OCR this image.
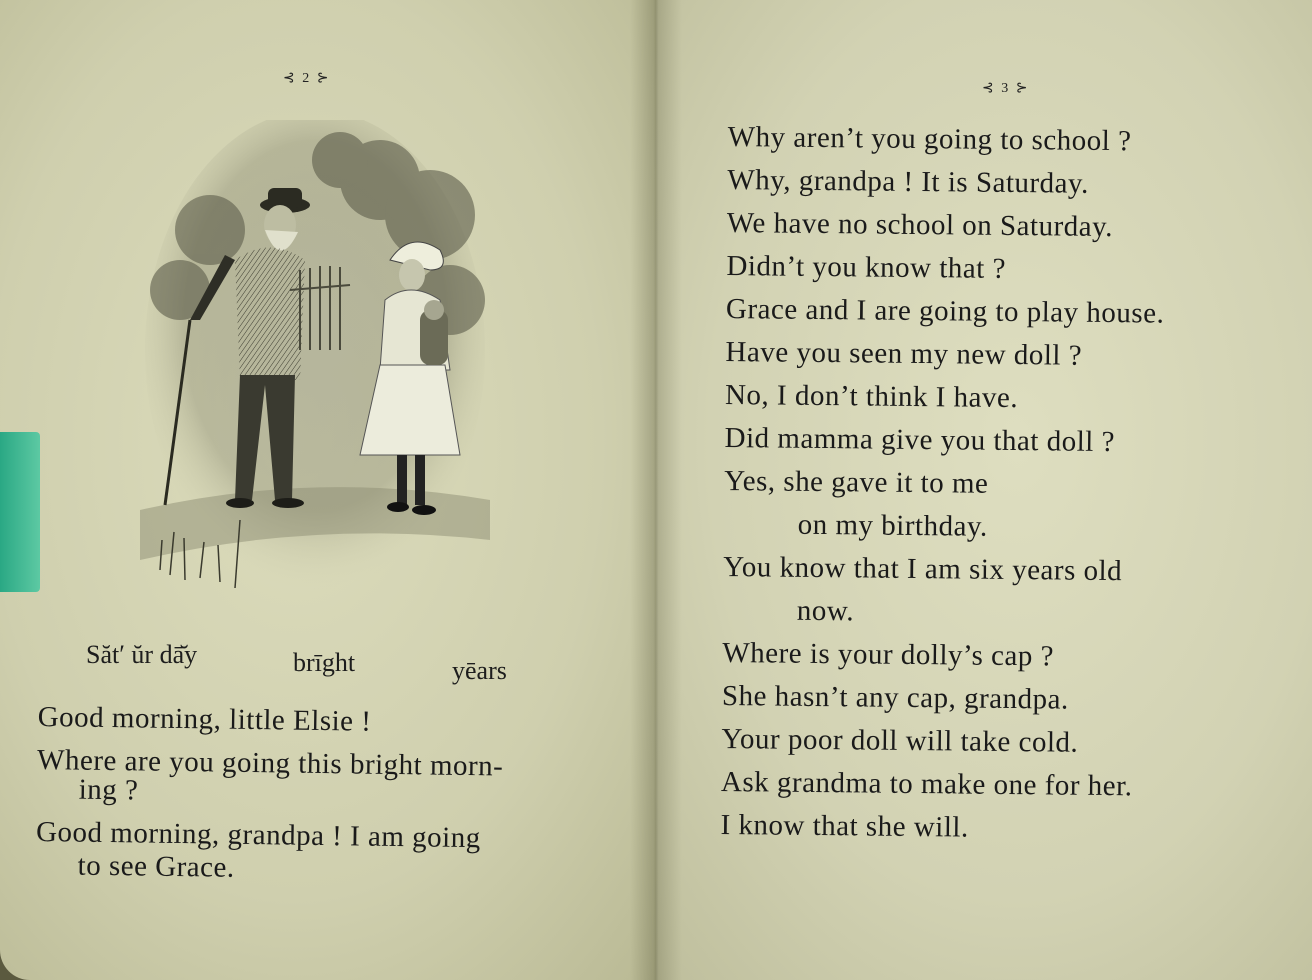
⊰ 2 ⊱
Săt′ ŭr dā̆y	brīght	yēars
Good morning, little Elsie !
Where are you going this bright morn-
ing ?
Good morning, grandpa ! I am going
to see Grace.
⊰ 3 ⊱
Why aren’t you going to school ?
Why, grandpa ! It is Saturday.
We have no school on Saturday.
Didn’t you know that ?
Grace and I are going to play house.
Have you seen my new doll ?
No, I don’t think I have.
Did mamma give you that doll ?
Yes, she gave it to me
on my birthday.
You know that I am six years old
now.
Where is your dolly’s cap ?
She hasn’t any cap, grandpa.
Your poor doll will take cold.
Ask grandma to make one for her.
I know that she will.
